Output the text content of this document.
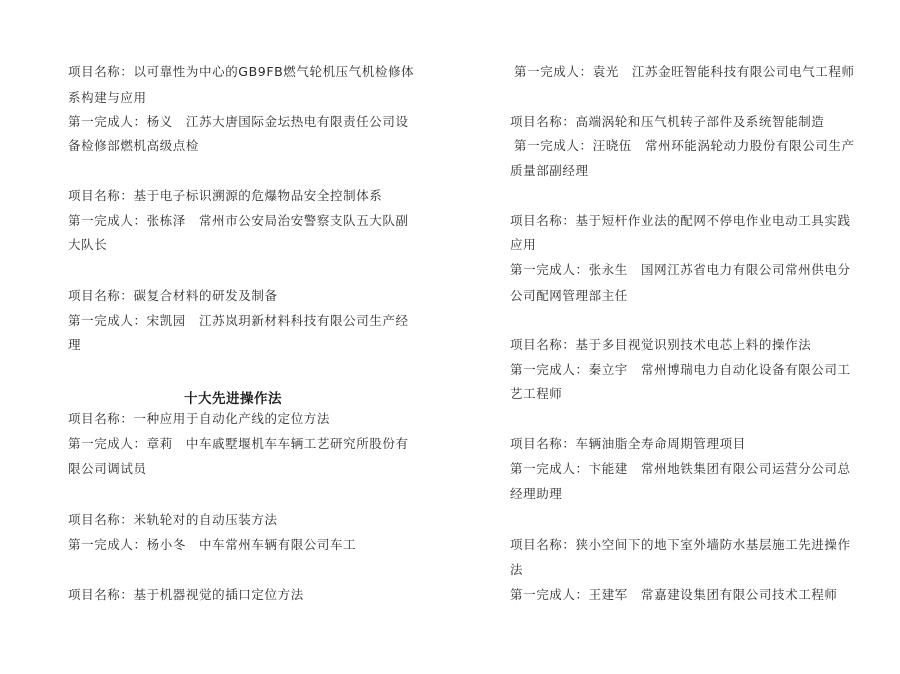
项目名称：以可靠性为中心的GB9FB燃气轮机压气机检修体
系构建与应用
第一完成人：杨义　江苏大唐国际金坛热电有限责任公司设
备检修部燃机高级点检
项目名称：基于电子标识溯源的危爆物品安全控制体系
第一完成人：张栋泽　常州市公安局治安警察支队五大队副
大队长
项目名称：碳复合材料的研发及制备
第一完成人：宋凯园　江苏岚玥新材料科技有限公司生产经
理
十大先进操作法
项目名称：一种应用于自动化产线的定位方法
第一完成人：章莉　中车戚墅堰机车车辆工艺研究所股份有
限公司调试员
项目名称：米轨轮对的自动压装方法
第一完成人：杨小冬　中车常州车辆有限公司车工
项目名称：基于机器视觉的插口定位方法
第一完成人：袁光　江苏金旺智能科技有限公司电气工程师
项目名称：高端涡轮和压气机转子部件及系统智能制造
第一完成人：汪晓伍　常州环能涡轮动力股份有限公司生产
质量部副经理
项目名称：基于短杆作业法的配网不停电作业电动工具实践
应用
第一完成人：张永生　国网江苏省电力有限公司常州供电分
公司配网管理部主任
项目名称：基于多目视觉识别技术电芯上料的操作法
第一完成人：秦立宇　常州博瑞电力自动化设备有限公司工
艺工程师
项目名称：车辆油脂全寿命周期管理项目
第一完成人：卞能建　常州地铁集团有限公司运营分公司总
经理助理
项目名称：狭小空间下的地下室外墙防水基层施工先进操作
法
第一完成人：王建军　常嘉建设集团有限公司技术工程师
